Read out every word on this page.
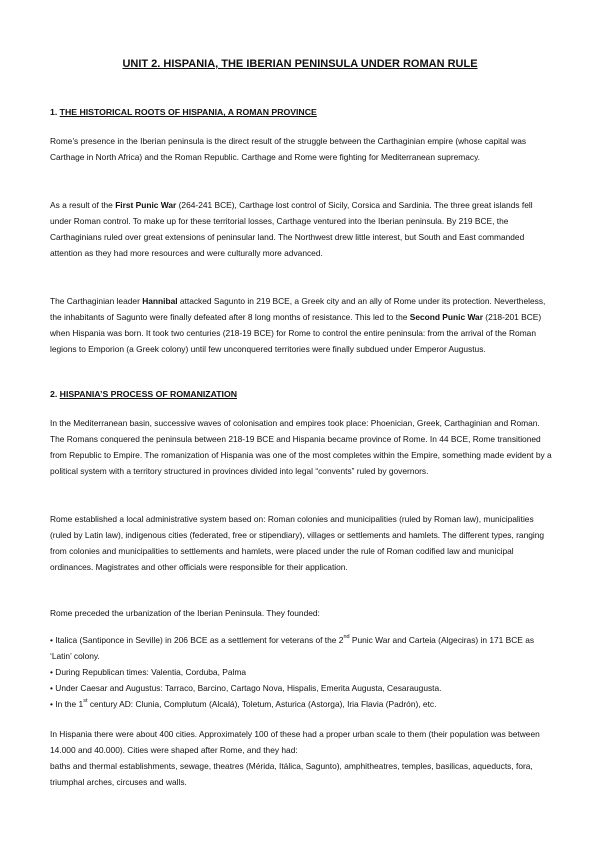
UNIT 2. HISPANIA, THE IBERIAN PENINSULA UNDER ROMAN RULE
1. THE HISTORICAL ROOTS OF HISPANIA, A ROMAN PROVINCE
Rome’s presence in the Iberian peninsula is the direct result of the struggle between the Carthaginian empire (whose capital was Carthage in North Africa) and the Roman Republic. Carthage and Rome were fighting for Mediterranean supremacy.
As a result of the First Punic War (264-241 BCE), Carthage lost control of Sicily, Corsica and Sardinia. The three great islands fell under Roman control. To make up for these territorial losses, Carthage ventured into the Iberian peninsula. By 219 BCE, the Carthaginians ruled over great extensions of peninsular land. The Northwest drew little interest, but South and East commanded attention as they had more resources and were culturally more advanced.
The Carthaginian leader Hannibal attacked Sagunto in 219 BCE, a Greek city and an ally of Rome under its protection. Nevertheless, the inhabitants of Sagunto were finally defeated after 8 long months of resistance. This led to the Second Punic War (218-201 BCE) when Hispania was born. It took two centuries (218-19 BCE) for Rome to control the entire peninsula: from the arrival of the Roman legions to Emporion (a Greek colony) until few unconquered territories were finally subdued under Emperor Augustus.
2. HISPANIA’S PROCESS OF ROMANIZATION
In the Mediterranean basin, successive waves of colonisation and empires took place: Phoenician, Greek, Carthaginian and Roman. The Romans conquered the peninsula between 218-19 BCE and Hispania became province of Rome. In 44 BCE, Rome transitioned from Republic to Empire. The romanization of Hispania was one of the most completes within the Empire, something made evident by a political system with a territory structured in provinces divided into legal “convents” ruled by governors.
Rome established a local administrative system based on: Roman colonies and municipalities (ruled by Roman law), municipalities (ruled by Latin law), indigenous cities (federated, free or stipendiary), villages or settlements and hamlets. The different types, ranging from colonies and municipalities to settlements and hamlets, were placed under the rule of Roman codified law and municipal ordinances. Magistrates and other officials were responsible for their application.
Rome preceded the urbanization of the Iberian Peninsula. They founded:
• Italica (Santiponce in Seville) in 206 BCE as a settlement for veterans of the 2nd Punic War and Carteia (Algeciras) in 171 BCE as ‘Latin’ colony.
• During Republican times: Valentia, Corduba, Palma
• Under Caesar and Augustus: Tarraco, Barcino, Cartago Nova, Hispalis, Emerita Augusta, Cesaraugusta.
• In the 1st century AD: Clunia, Complutum (Alcalá), Toletum, Asturica (Astorga), Iria Flavia (Padrón), etc.
In Hispania there were about 400 cities. Approximately 100 of these had a proper urban scale to them (their population was between 14.000 and 40.000). Cities were shaped after Rome, and they had:
baths and thermal establishments, sewage, theatres (Mérida, Itálica, Sagunto), amphitheatres, temples, basilicas, aqueducts, fora, triumphal arches, circuses and walls.
